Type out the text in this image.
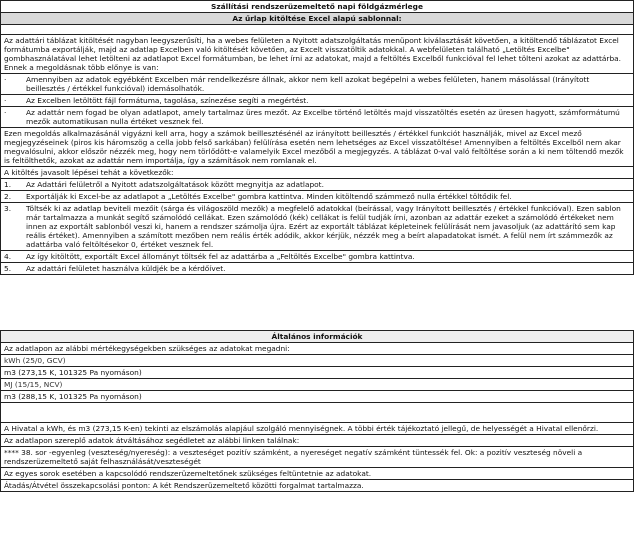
Szállítási rendszerüzemeltető napi földgázmérlege
Az űrlap kitöltése Excel alapú sablonnal:
Az adattári táblázat kitöltését nagyban leegyszerűsíti, ha a webes felületen a Nyitott adatszolgáltatás menüpont kiválasztását követően, a kitöltendő táblázatot Excel formátumba exportálják, majd az adatlap Excelben való kitöltését követően, az Excelt visszatöltik adatokkal. A webfelületen található „Letöltés Excelbe" gombhasználatával lehet letölteni az adatlapot Excel formátumban, be lehet írni az adatokat, majd a feltöltés Excelből funkcióval fel lehet tölteni azokat az adattárba. Ennek a megoldásnak több előnye is van:
·	Amennyiben az adatok egyébként Excelben már rendelkezésre állnak, akkor nem kell azokat begépelni a webes felületen, hanem másolással (Irányított beillesztés / értékkel funkcióval) idemásolhatók.
·	Az Excelben letöltött fájl formátuma, tagolása, színezése segíti a megértést.
·	Az adattár nem fogad be olyan adatlapot, amely tartalmaz üres mezőt. Az Excelbe történő letöltés majd visszatöltés esetén az üresen hagyott, számformátumú mezők automatikusan nulla értéket vesznek fel.
Ezen megoldás alkalmazásánál vigyázni kell arra, hogy a számok beillesztésénél az irányított beillesztés / értékkel funkciót használják, mivel az Excel mező megjegyzéseinek (piros kis háromszög a cella jobb felső sarkában) felülírása esetén nem lehetséges az Excel visszatöltése! Amennyiben a feltöltés Excelből nem akar megvalósulni, akkor először nézzék meg, hogy nem törlődött-e valamelyik Excel mezőből a megjegyzés. A táblázat 0-val való feltöltése során a ki nem töltendő mezők is feltölthetők, azokat az adattár nem importálja, így a számítások nem romlanak el.
A kitöltés javasolt lépései tehát a következők:
1.	Az Adattári felületről a Nyitott adatszolgáltatások között megnyitja az adatlapot.
2.	Exportálják ki Excel-be az adatlapot a „Letöltés Excelbe" gombra kattintva. Minden kitöltendő számmező nulla értékkel töltődik fel.
3.	Töltsék ki az adatlap beviteli mezőit (sárga és világoszöld mezők) a megfelelő adatokkal (beírással, vagy Irányított beillesztés / értékkel funkcióval). Ezen sablon már tartalmazza a munkát segítő számolódó cellákat. Ezen számolódó (kék) cellákat is felül tudják írni, azonban az adattár ezeket a számolódó értékeket nem innen az exportált sablonból veszi ki, hanem a rendszer számolja újra. Ezért az exportált táblázat képleteinek felülírását nem javasoljuk (az adattárító sem kap reális értéket). Amennyiben a számított mezőben nem reális érték adódik, akkor kérjük, nézzék meg a beírt alapadatokat ismét. A felül nem írt számmezők az adattárba való feltöltésekor 0, értéket vesznek fel.
4.	Az így kitöltött, exportált Excel állományt töltsék fel az adattárba a „Feltöltés Excelbe" gombra kattintva.
5.	Az adattári felületet használva küldjék be a kérdőívet.
Általános információk
Az adatlapon az alábbi mértékegységekben szükséges az adatokat megadni:
kWh (25/0, GCV)
m3 (273,15 K, 101325 Pa nyomáson)
MJ (15/15, NCV)
m3 (288,15 K, 101325 Pa nyomáson)
A Hivatal a kWh, és m3 (273,15 K-en) tekinti az elszámolás alapjául szolgáló mennyiségnek. A többi érték tájékoztató jellegű, de helyességét a Hivatal ellenőrzi.
Az adatlapon szereplő adatok átváltásához segédletet az alábbi linken találnak:
**** 38. sor -egyenleg (veszteség/nyereség): a veszteséget pozitív számként, a nyereséget negatív számként tüntessék fel. Ok: a pozitív veszteség növeli a rendszerüzemeltető saját felhasználását/veszteségét
Az egyes sorok esetében a kapcsolódó rendszerüzemeltetőnek szükséges feltüntetnie az adatokat.
Átadás/Átvétel összekapcsolási ponton: A két Rendszerüzemeltető közötti forgalmat tartalmazza.
